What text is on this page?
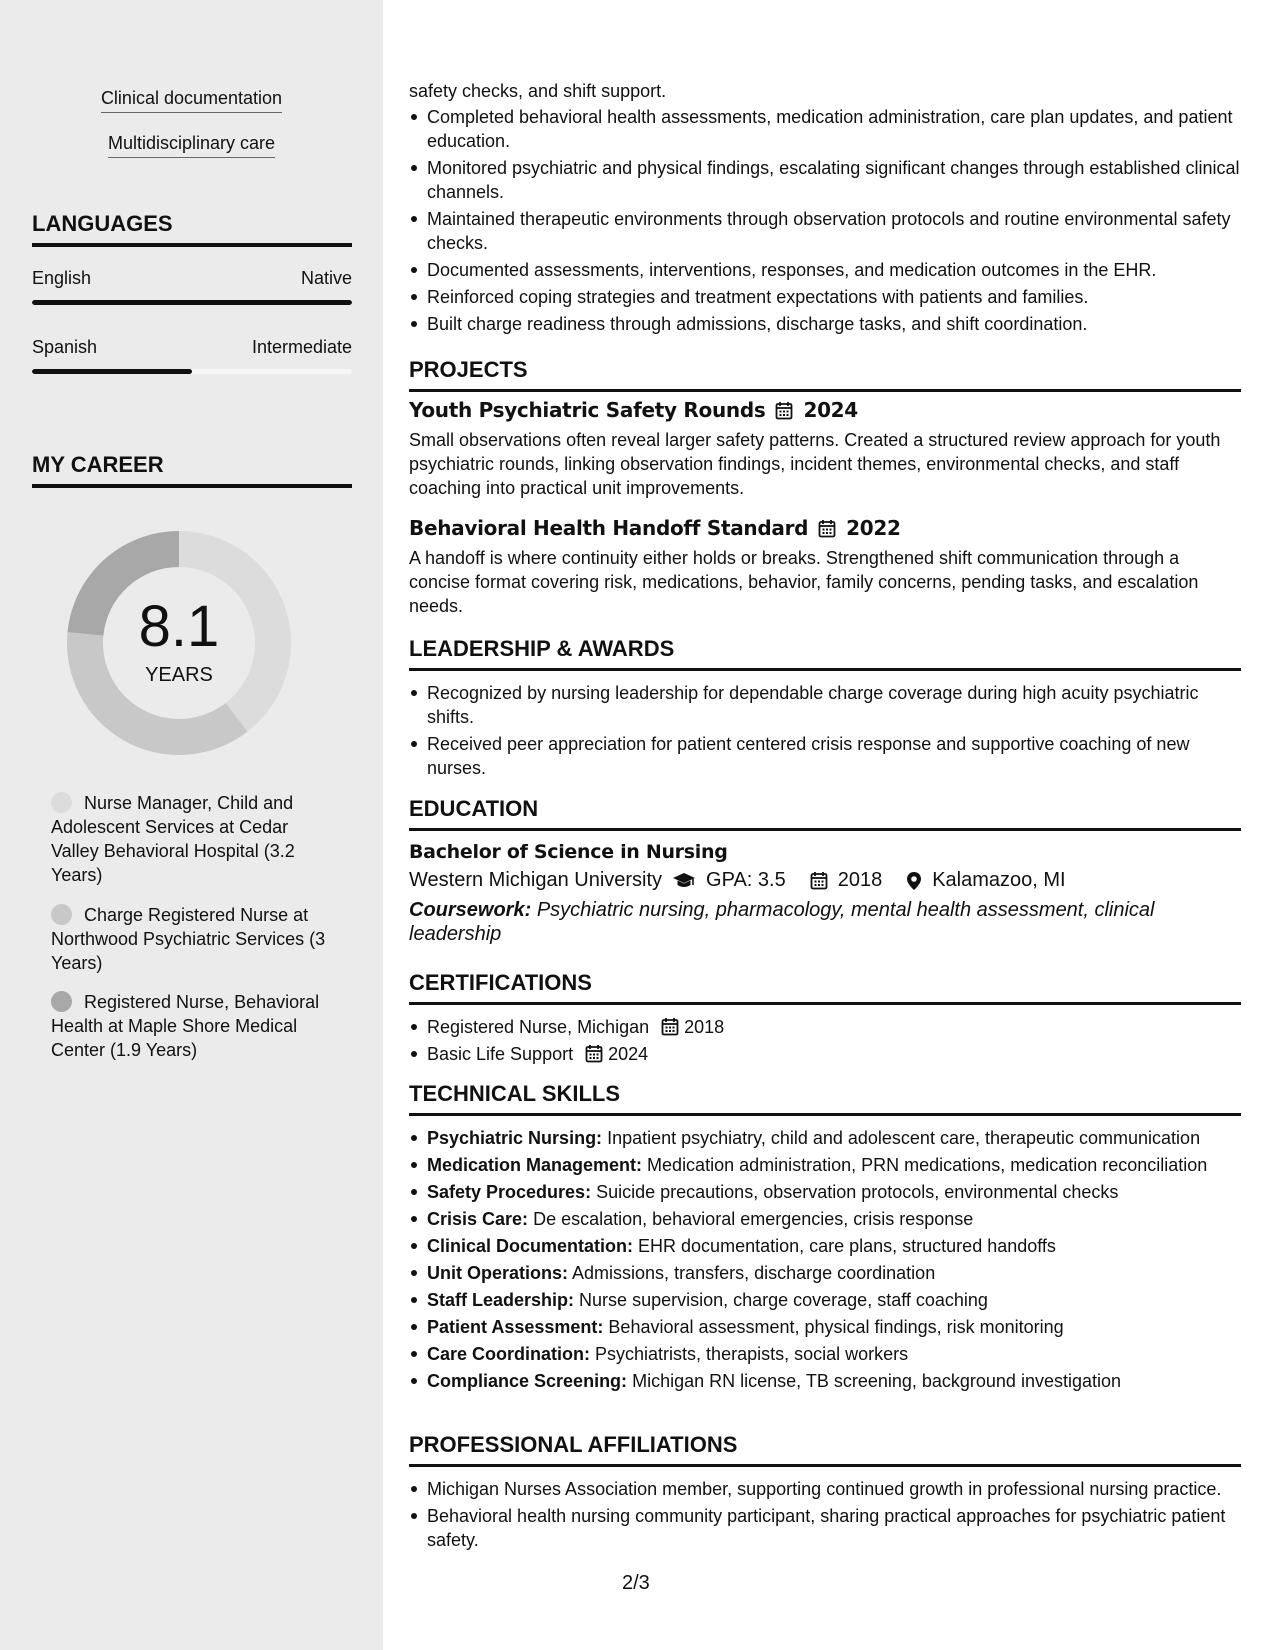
Clinical documentation
Multidisciplinary care
LANGUAGES
English	Native
Spanish	Intermediate
MY CAREER
8.1
YEARS
Nurse Manager, Child and Adolescent Services at Cedar Valley Behavioral Hospital (3.2 Years)
Charge Registered Nurse at Northwood Psychiatric Services (3 Years)
Registered Nurse, Behavioral Health at Maple Shore Medical Center (1.9 Years)
safety checks, and shift support.
Completed behavioral health assessments, medication administration, care plan updates, and patient education.
Monitored psychiatric and physical findings, escalating significant changes through established clinical channels.
Maintained therapeutic environments through observation protocols and routine environmental safety checks.
Documented assessments, interventions, responses, and medication outcomes in the EHR.
Reinforced coping strategies and treatment expectations with patients and families.
Built charge readiness through admissions, discharge tasks, and shift coordination.
PROJECTS
Youth Psychiatric Safety Rounds 2024
Small observations often reveal larger safety patterns. Created a structured review approach for youth psychiatric rounds, linking observation findings, incident themes, environmental checks, and staff coaching into practical unit improvements.
Behavioral Health Handoff Standard 2022
A handoff is where continuity either holds or breaks. Strengthened shift communication through a concise format covering risk, medications, behavior, family concerns, pending tasks, and escalation needs.
LEADERSHIP & AWARDS
Recognized by nursing leadership for dependable charge coverage during high acuity psychiatric shifts.
Received peer appreciation for patient centered crisis response and supportive coaching of new nurses.
EDUCATION
Bachelor of Science in Nursing
Western Michigan University GPA: 3.5	2018	Kalamazoo, MI
Coursework: Psychiatric nursing, pharmacology, mental health assessment, clinical leadership
CERTIFICATIONS
Registered Nurse, Michigan	2018
Basic Life Support	2024
TECHNICAL SKILLS
Psychiatric Nursing: Inpatient psychiatry, child and adolescent care, therapeutic communication
Medication Management: Medication administration, PRN medications, medication reconciliation
Safety Procedures: Suicide precautions, observation protocols, environmental checks
Crisis Care: De escalation, behavioral emergencies, crisis response
Clinical Documentation: EHR documentation, care plans, structured handoffs
Unit Operations: Admissions, transfers, discharge coordination
Staff Leadership: Nurse supervision, charge coverage, staff coaching
Patient Assessment: Behavioral assessment, physical findings, risk monitoring
Care Coordination: Psychiatrists, therapists, social workers
Compliance Screening: Michigan RN license, TB screening, background investigation
PROFESSIONAL AFFILIATIONS
Michigan Nurses Association member, supporting continued growth in professional nursing practice.
Behavioral health nursing community participant, sharing practical approaches for psychiatric patient safety.
2/3
